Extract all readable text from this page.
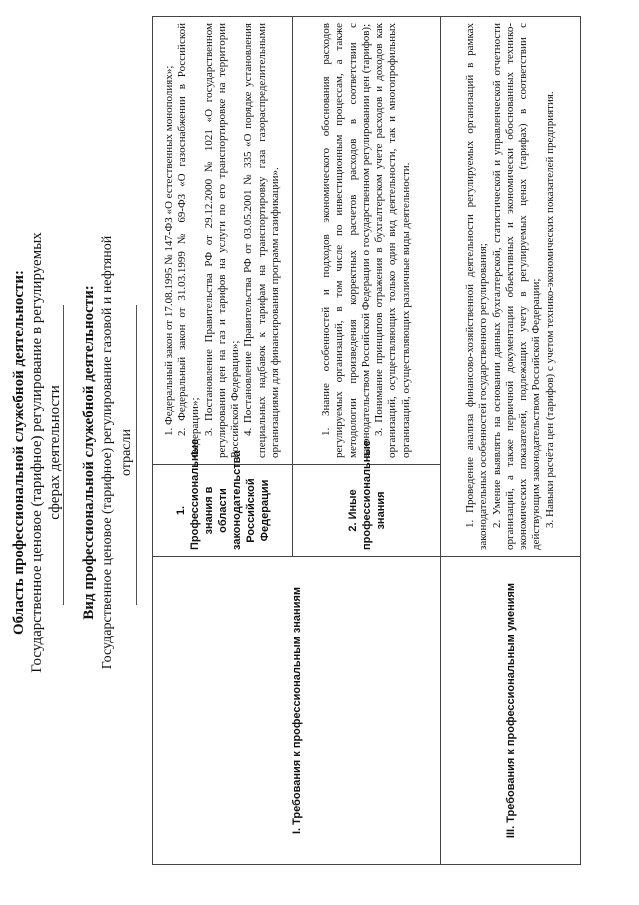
Область профессиональной служебной деятельности: Государственное ценовое (тарифное) регулирование в регулируемых сферах деятельности Вид профессиональной служебной деятельности: Государственное ценовое (тарифное) регулирование газовой и нефтяной отрасли
I. Требования к профессиональным знаниям	1. Профессиональные знания в области законодательства Российской Федерации	1. Федеральный закон от 17.08.1995 № 147-ФЗ «О естественных монополиях»; 2. Федеральный закон от 31.03.1999 № 69-ФЗ «О газоснабжении в Российской Федерации»; 3. Постановление Правительства РФ от 29.12.2000 № 1021 «О государственном регулировании цен на газ и тарифов на услуги по его транспортировке на территории Российской Федерации»; 4. Постановление Правительства РФ от 03.05.2001 № 335 «О порядке установления специальных надбавок к тарифам на транспортировку газа газораспределительными организациями для финансирования программ газификации».

	2. Иные профессиональные знания	1. Знание особенностей и подходов экономического обоснования расходов регулируемых организаций, в том числе по инвестиционным процессам, а также методологии произведения корректных расчетов расходов в соответствии с законодательством Российской Федерации о государственном регулировании цен (тарифов); 3. Понимание принципов отражения в бухгалтерском учете расходов и доходов как организаций, осуществляющих только один вид деятельности, так и многопрофильных организаций, осуществляющих различные виды деятельности.

III. Требования к профессиональным умениям	1. Проведение анализа финансово-хозяйственной деятельности регулируемых организаций в рамках законодательных особенностей государственного регулирования; 2. Умение выявлять на основании данных бухгалтерской, статистической и управленческой отчетности организаций, а также первичной документации объективных и экономически обоснованных технико-экономических показателей, подлежащих учету в регулируемых ценах (тарифах) в соответствии с действующим законодательством Российской Федерации; 3. Навыки расчёта цен (тарифов) с учетом технико-экономических показателей предприятия.	
